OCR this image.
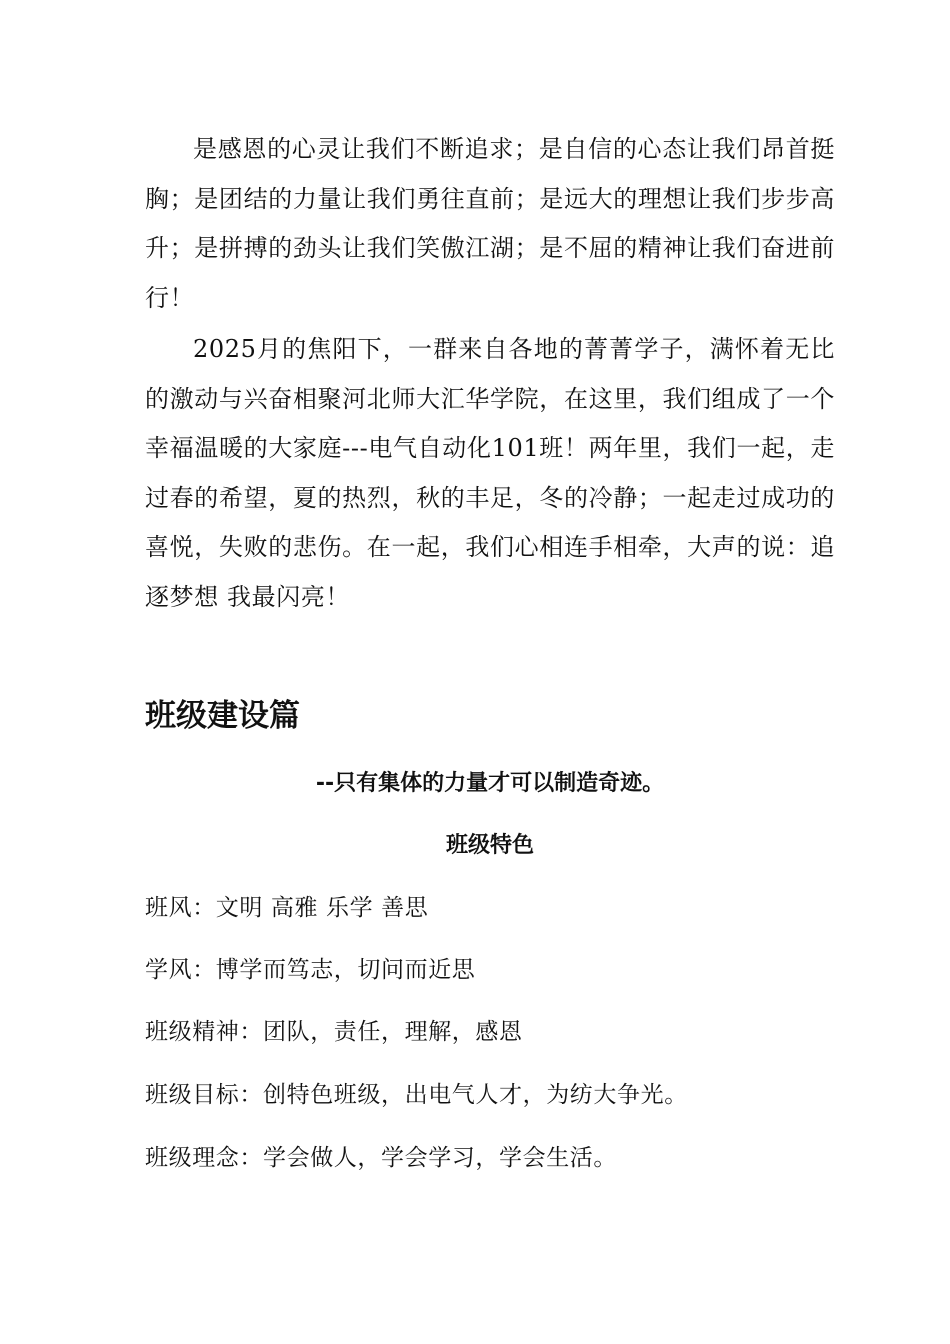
是感恩的心灵让我们不断追求；是自信的心态让我们昂首挺胸；是团结的力量让我们勇往直前；是远大的理想让我们步步高升；是拼搏的劲头让我们笑傲江湖；是不屈的精神让我们奋进前行！

2025月的焦阳下，一群来自各地的菁菁学子，满怀着无比的激动与兴奋相聚河北师大汇华学院，在这里，我们组成了一个幸福温暖的大家庭---电气自动化101班！两年里，我们一起，走过春的希望，夏的热烈，秋的丰足，冬的冷静；一起走过成功的喜悦，失败的悲伤。在一起，我们心相连手相牵，大声的说：追逐梦想 我最闪亮！

班级建设篇

--只有集体的力量才可以制造奇迹。

班级特色

班风：文明 高雅 乐学 善思

学风：博学而笃志，切问而近思

班级精神：团队，责任，理解，感恩

班级目标：创特色班级，出电气人才，为纺大争光。

班级理念：学会做人，学会学习，学会生活。
